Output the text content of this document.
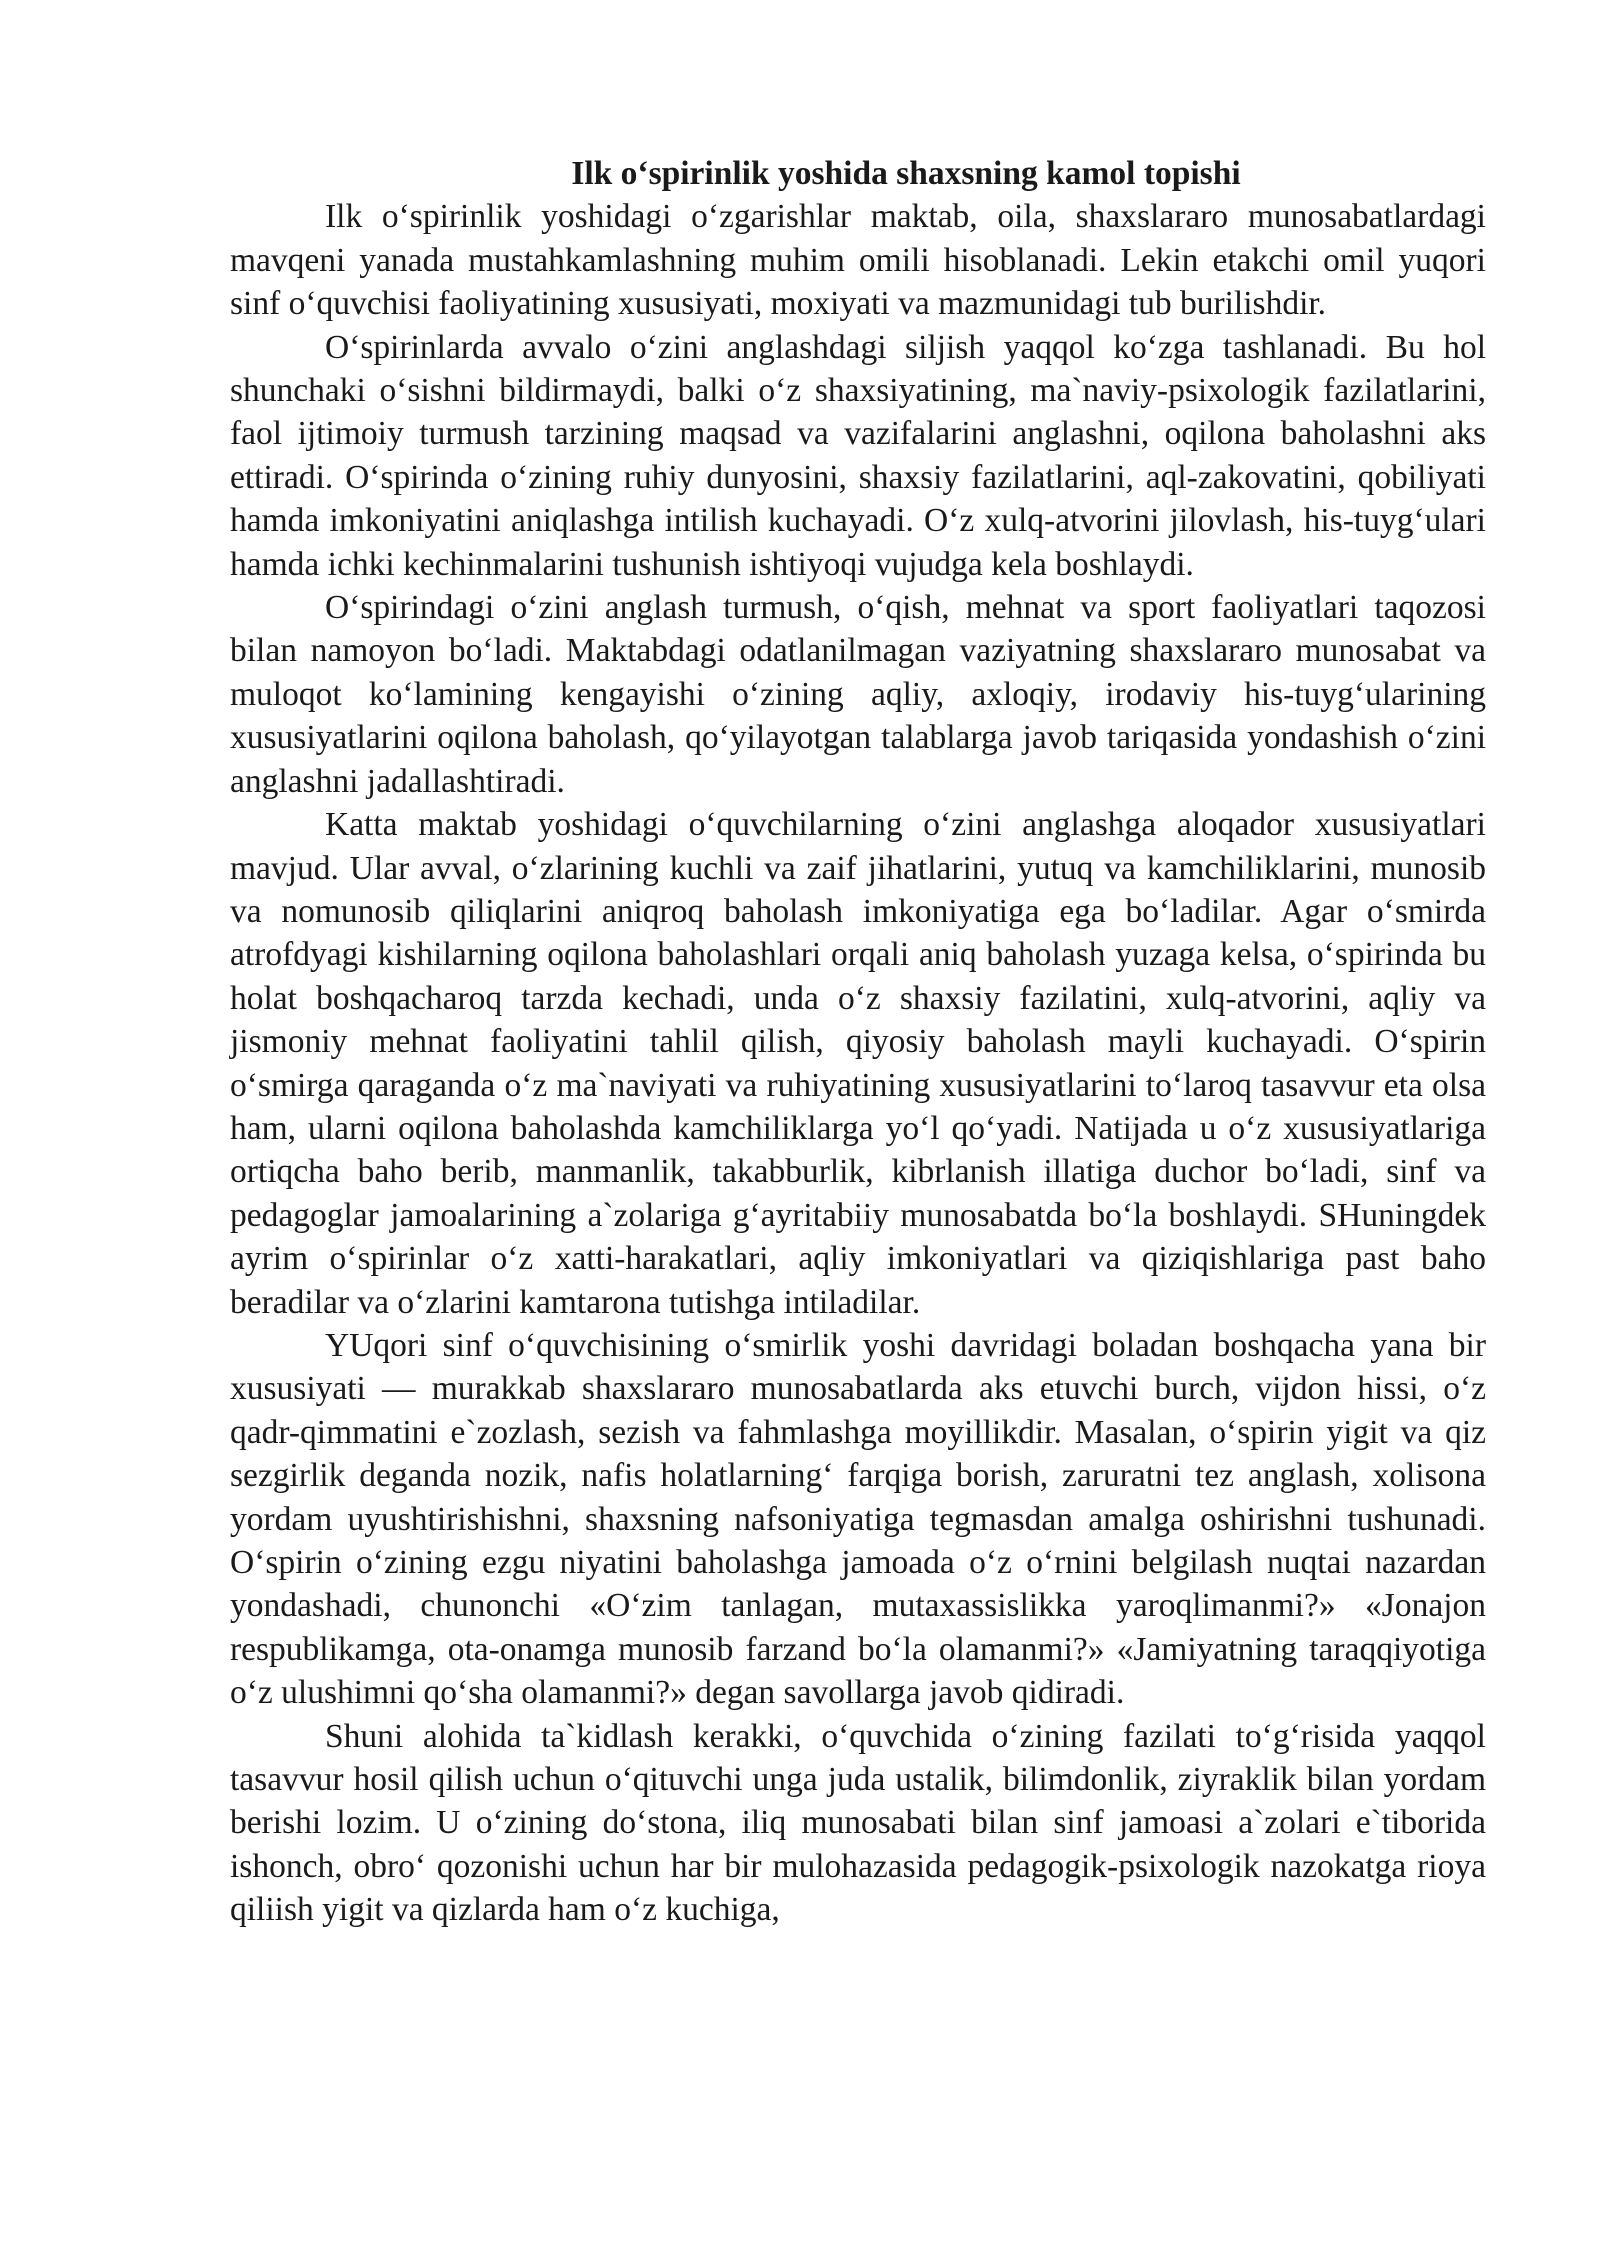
Ilk o‘spirinlik yoshida shaxsning kamol topishi

Ilk o‘spirinlik yoshidagi o‘zgarishlar maktab, oila, shaxslararo munosabatlardagi mavqeni yanada mustahkamlashning muhim omili hisoblanadi. Lekin etakchi omil yuqori sinf o‘quvchisi faoliyatining xususiyati, moxiyati va mazmunidagi tub burilishdir.

O‘spirinlarda avvalo o‘zini anglashdagi siljish yaqqol ko‘zga tashlanadi. Bu hol shunchaki o‘sishni bildirmaydi, balki o‘z shaxsiyatining, ma`naviy-psixologik fazilatlarini, faol ijtimoiy turmush tarzining maqsad va vazifalarini anglashni, oqilona baholashni aks ettiradi. O‘spirinda o‘zining ruhiy dunyosini, shaxsiy fazilatlarini, aql-zakovatini, qobiliyati hamda imkoniyatini aniqlashga intilish kuchayadi. O‘z xulq-atvorini jilovlash, his-tuyg‘ulari hamda ichki kechinmalarini tushunish ishtiyoqi vujudga kela boshlaydi.

O‘spirindagi o‘zini anglash turmush, o‘qish, mehnat va sport faoliyatlari taqozosi bilan namoyon bo‘ladi. Maktabdagi odatlanilmagan vaziyatning shaxslararo munosabat va muloqot ko‘lamining kengayishi o‘zining aqliy, axloqiy, irodaviy his-tuyg‘ularining xususiyatlarini oqilona baholash, qo‘yilayotgan talablarga javob tariqasida yondashish o‘zini anglashni jadallashtiradi.

Katta maktab yoshidagi o‘quvchilarning o‘zini anglashga aloqador xususiyatlari mavjud. Ular avval, o‘zlarining kuchli va zaif jihatlarini, yutuq va kamchiliklarini, munosib va nomunosib qiliqlarini aniqroq baholash imkoniyatiga ega bo‘ladilar. Agar o‘smirda atrofdyagi kishilarning oqilona baholashlari orqali aniq baholash yuzaga kelsa, o‘spirinda bu holat boshqacharoq tarzda kechadi, unda o‘z shaxsiy fazilatini, xulq-atvorini, aqliy va jismoniy mehnat faoliyatini tahlil qilish, qiyosiy baholash mayli kuchayadi. O‘spirin o‘smirga qaraganda o‘z ma`naviyati va ruhiyatining xususiyatlarini to‘laroq tasavvur eta olsa ham, ularni oqilona baholashda kamchiliklarga yo‘l qo‘yadi. Natijada u o‘z xususiyatlariga ortiqcha baho berib, manmanlik, takabburlik, kibrlanish illatiga duchor bo‘ladi, sinf va pedagoglar jamoalarining a`zolariga g‘ayritabiiy munosabatda bo‘la boshlaydi. SHuningdek ayrim o‘spirinlar o‘z xatti-harakatlari, aqliy imkoniyatlari va qiziqishlariga past baho beradilar va o‘zlarini kamtarona tutishga intiladilar.

YUqori sinf o‘quvchisining o‘smirlik yoshi davridagi boladan boshqacha yana bir xususiyati — murakkab shaxslararo munosabatlarda aks etuvchi burch, vijdon hissi, o‘z qadr-qimmatini e`zozlash, sezish va fahmlashga moyillikdir. Masalan, o‘spirin yigit va qiz sezgirlik deganda nozik, nafis holatlarning‘ farqiga borish, zaruratni tez anglash, xolisona yordam uyushtirishishni, shaxsning nafsoniyatiga tegmasdan amalga oshirishni tushunadi. O‘spirin o‘zining ezgu niyatini baholashga jamoada o‘z o‘rnini belgilash nuqtai nazardan yondashadi, chunonchi «O‘zim tanlagan, mutaxassislikka yaroqlimanmi?» «Jonajon respublikamga, ota-onamga munosib farzand bo‘la olamanmi?» «Jamiyatning taraqqiyotiga o‘z ulushimni qo‘sha olamanmi?» degan savollarga javob qidiradi.

Shuni alohida ta`kidlash kerakki, o‘quvchida o‘zining fazilati to‘g‘risida yaqqol tasavvur hosil qilish uchun o‘qituvchi unga juda ustalik, bilimdonlik, ziyraklik bilan yordam berishi lozim. U o‘zining do‘stona, iliq munosabati bilan sinf jamoasi a`zolari e`tiborida ishonch, obro‘ qozonishi uchun har bir mulohazasida pedagogik-psixologik nazokatga rioya qiliish yigit va qizlarda ham o‘z kuchiga,
